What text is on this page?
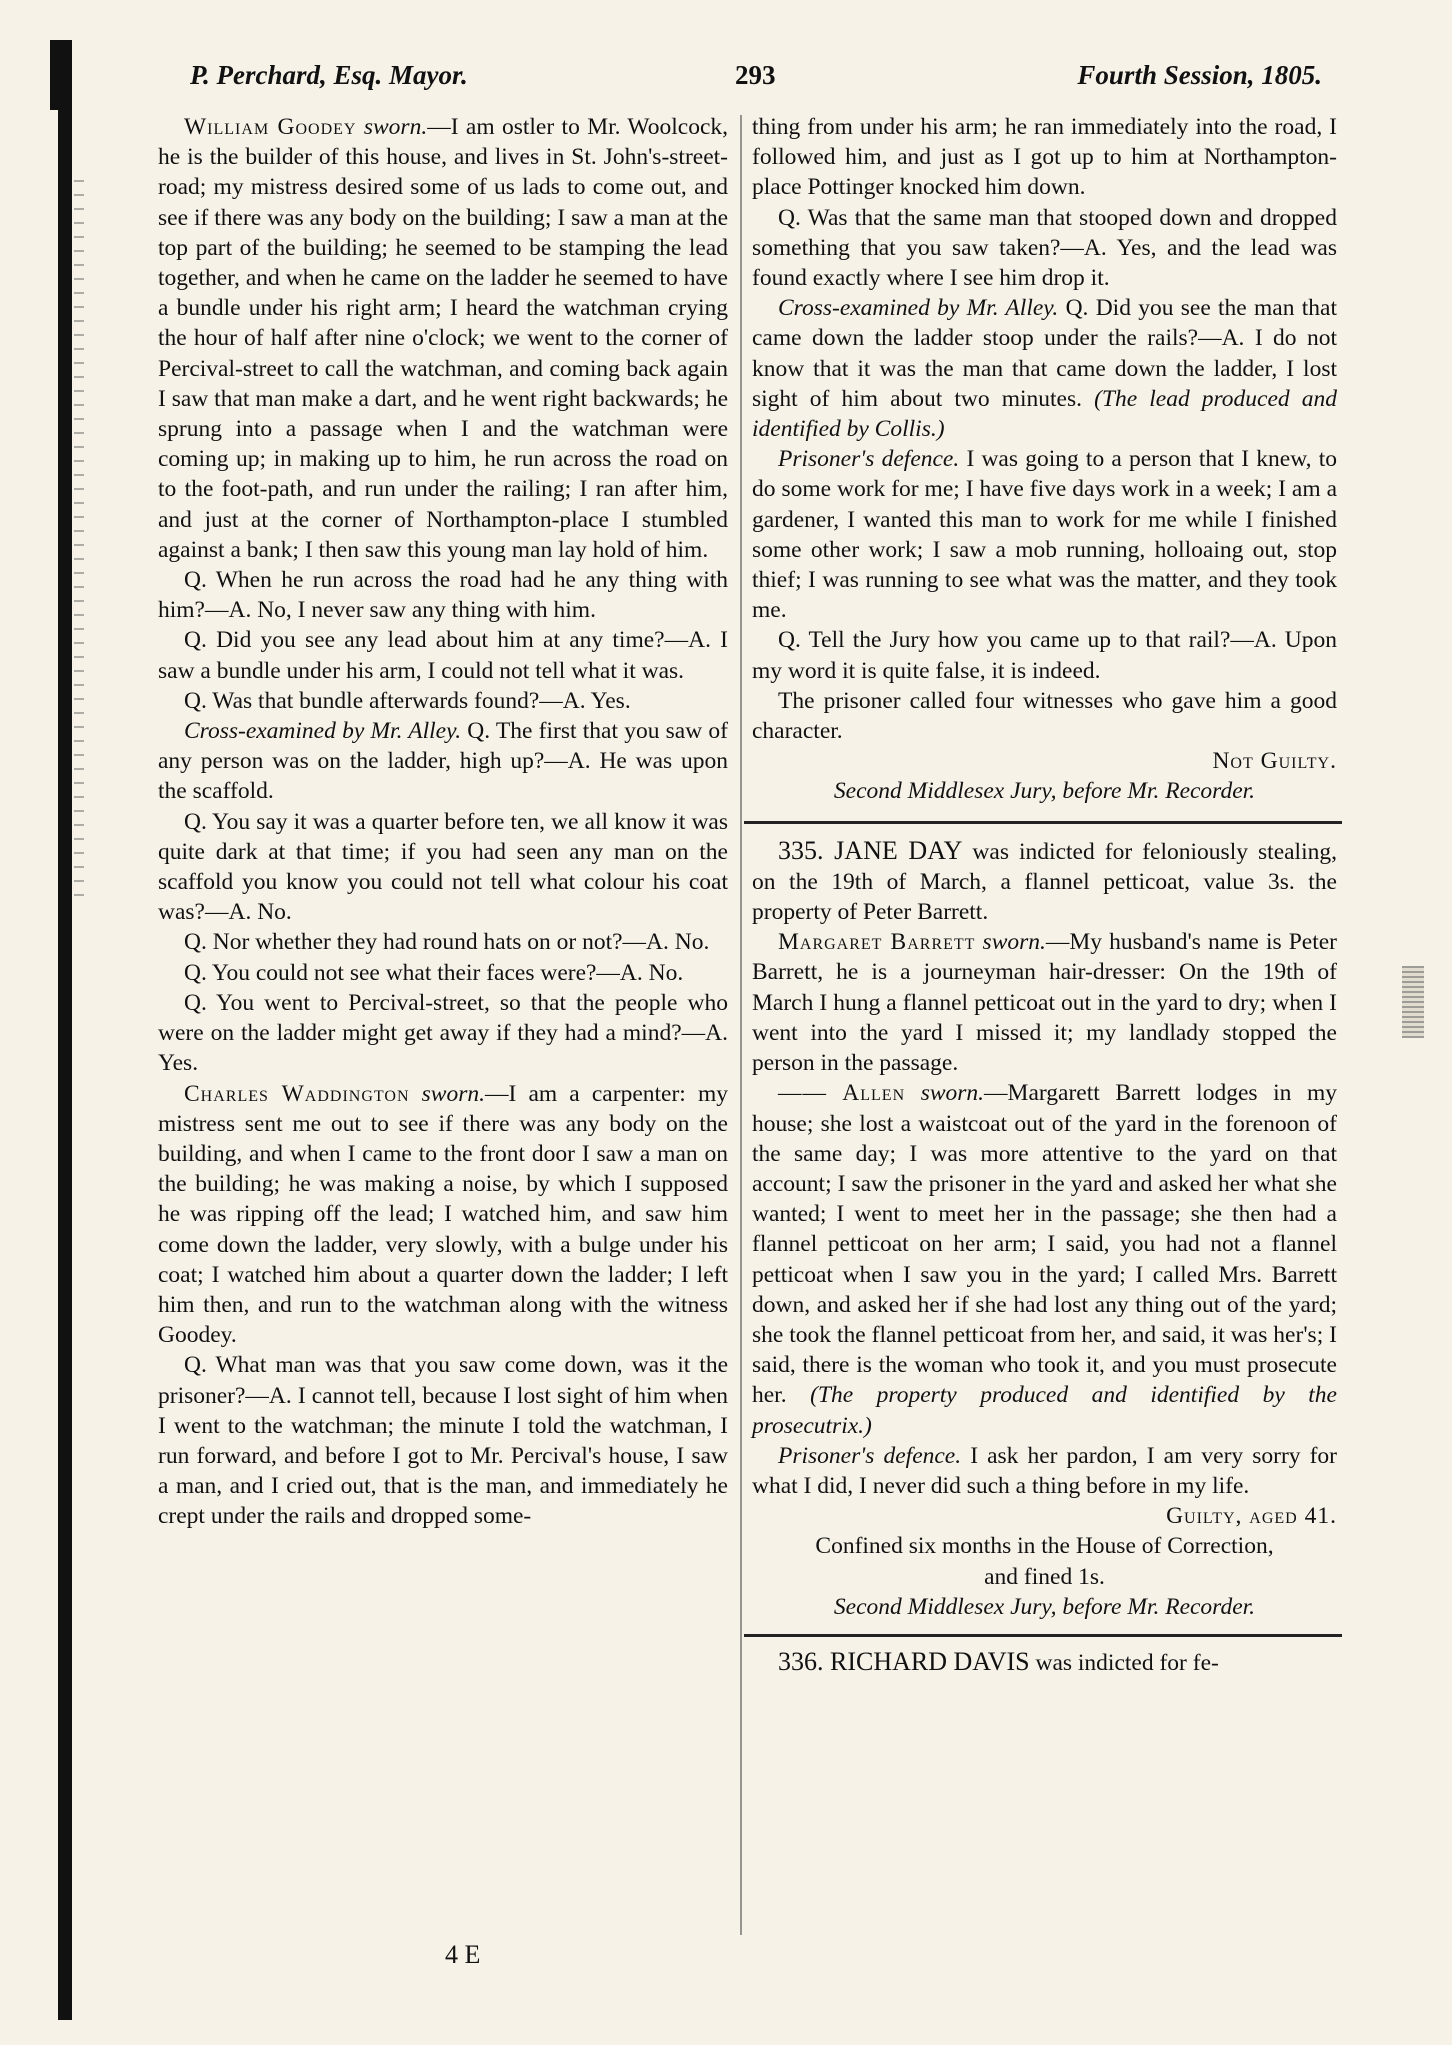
P. Perchard, Esq. Mayor.	293	Fourth Session, 1805.

William Goodey sworn.—I am ostler to Mr. Woolcock, he is the builder of this house, and lives in St. John's-street-road; my mistress desired some of us lads to come out, and see if there was any body on the building; I saw a man at the top part of the building; he seemed to be stamping the lead together, and when he came on the ladder he seemed to have a bundle under his right arm; I heard the watchman crying the hour of half after nine o'clock; we went to the corner of Percival-street to call the watchman, and coming back again I saw that man make a dart, and he went right backwards; he sprung into a passage when I and the watchman were coming up; in making up to him, he run across the road on to the foot-path, and run under the railing; I ran after him, and just at the corner of Northampton-place I stumbled against a bank; I then saw this young man lay hold of him.

Q. When he run across the road had he any thing with him?—A. No, I never saw any thing with him.

Q. Did you see any lead about him at any time?—A. I saw a bundle under his arm, I could not tell what it was.

Q. Was that bundle afterwards found?—A. Yes.

Cross-examined by Mr. Alley. Q. The first that you saw of any person was on the ladder, high up?—A. He was upon the scaffold.

Q. You say it was a quarter before ten, we all know it was quite dark at that time; if you had seen any man on the scaffold you know you could not tell what colour his coat was?—A. No.

Q. Nor whether they had round hats on or not?—A. No.

Q. You could not see what their faces were?—A. No.

Q. You went to Percival-street, so that the people who were on the ladder might get away if they had a mind?—A. Yes.

Charles Waddington sworn.—I am a carpenter: my mistress sent me out to see if there was any body on the building, and when I came to the front door I saw a man on the building; he was making a noise, by which I supposed he was ripping off the lead; I watched him, and saw him come down the ladder, very slowly, with a bulge under his coat; I watched him about a quarter down the ladder; I left him then, and run to the watchman along with the witness Goodey.

Q. What man was that you saw come down, was it the prisoner?—A. I cannot tell, because I lost sight of him when I went to the watchman; the minute I told the watchman, I run forward, and before I got to Mr. Percival's house, I saw a man, and I cried out, that is the man, and immediately he crept under the rails and dropped some-

4 E

thing from under his arm; he ran immediately into the road, I followed him, and just as I got up to him at Northampton-place Pottinger knocked him down.

Q. Was that the same man that stooped down and dropped something that you saw taken?—A. Yes, and the lead was found exactly where I see him drop it.

Cross-examined by Mr. Alley. Q. Did you see the man that came down the ladder stoop under the rails?—A. I do not know that it was the man that came down the ladder, I lost sight of him about two minutes. (The lead produced and identified by Collis.)

Prisoner's defence. I was going to a person that I knew, to do some work for me; I have five days work in a week; I am a gardener, I wanted this man to work for me while I finished some other work; I saw a mob running, holloaing out, stop thief; I was running to see what was the matter, and they took me.

Q. Tell the Jury how you came up to that rail?—A. Upon my word it is quite false, it is indeed.

The prisoner called four witnesses who gave him a good character.

Not Guilty.

Second Middlesex Jury, before Mr. Recorder.

335. JANE DAY was indicted for feloniously stealing, on the 19th of March, a flannel petticoat, value 3s. the property of Peter Barrett.

Margaret Barrett sworn.—My husband's name is Peter Barrett, he is a journeyman hair-dresser: On the 19th of March I hung a flannel petticoat out in the yard to dry; when I went into the yard I missed it; my landlady stopped the person in the passage.

—— Allen sworn.—Margarett Barrett lodges in my house; she lost a waistcoat out of the yard in the forenoon of the same day; I was more attentive to the yard on that account; I saw the prisoner in the yard and asked her what she wanted; I went to meet her in the passage; she then had a flannel petticoat on her arm; I said, you had not a flannel petticoat when I saw you in the yard; I called Mrs. Barrett down, and asked her if she had lost any thing out of the yard; she took the flannel petticoat from her, and said, it was her's; I said, there is the woman who took it, and you must prosecute her. (The property produced and identified by the prosecutrix.)

Prisoner's defence. I ask her pardon, I am very sorry for what I did, I never did such a thing before in my life.

Guilty, aged 41.

Confined six months in the House of Correction,

and fined 1s.

Second Middlesex Jury, before Mr. Recorder.

336. RICHARD DAVIS was indicted for fe-
